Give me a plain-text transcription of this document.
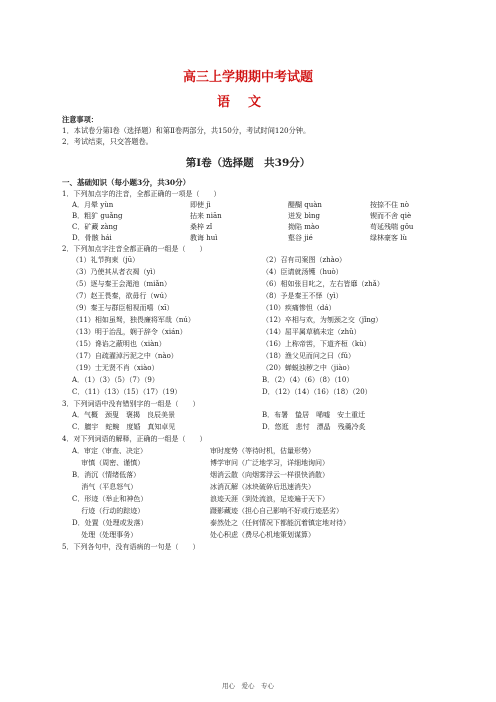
高三上学期期中考试题
语文
注意事项：
1．本试卷分第Ⅰ卷（选择题）和第Ⅱ卷两部分，共150分，考试时间120分钟。
2．考试结束，只交答题卷。
第Ⅰ卷（选择题　共39分）
一、基础知识（每小题3分，共30分）
1．下列加点字的注音，全都正确的一项是（　　）
A．月晕 yùn	即使 jì	醍醐 quàn	按捺不住 nò
B．粗犷 guǎng	拈来 niān	迸发 bìng	锲而不舍 qiè
C．矿藏 zàng	桑梓 zǐ	拗陷 mào	苟延残喘 gǒu
D．骨骸 hái	教诲 huì	壑谷 jié	绿林豪客 lù
2．下列加点字注音全都正确的一组是（　　）
（1）礼节拘束（jū）	（2）召有司案图（zhào）
（3）乃使其从者衣褐（yì）	（4）臣请就汤镬（huò）
（5）逐与秦王会渑池（miǎn）	（6）相如张目叱之，左右皆靡（zhǎ）
（7）赵王畏秦，欲毋行（wú）	（8）予是秦王不怿（yì）
（9）秦王与群臣相视而嘻（xī）	（10）疾痛惨怛（dá）
（11）相如虽驽，独畏廉将军哉（nú）	（12）卒相与欢，为刎颈之交（jǐng）
（13）明于治乱，娴于辞令（xián）	（14）屈平属草稿未定（zhǔ）
（15）谗谄之蔽明也（xiàn）	（16）上称帝喾，下道齐桓（kù）
（17）自疏濯淖污泥之中（nào）	（18）渔父见而问之曰（fǔ）
（19）士无贤不肖（xiào）	（20）蝉蜕浊秽之中（jiào）
A．（1）（3）（5）（7）（9）	B．（2）（4）（6）（8）（10）
C．（11）（13）（15）（17）（19）	D．（12）（14）（16）（18）（20）
3．下列词语中没有错别字的一组是（　　）
A．气概　颈叟　褒揭　良辰美景	B．布署　蛰居　唏嘘　安土重迁
C．膻宇　蛇蜿　度婚　真知卓见	D．悠逛　悲忖　漂晶　残羹冷炙
4．对下列词语的解释，正确的一组是（　　）
A．审定（审查、决定）	审时度势（等待时机，估量形势）
　 审慎（周密、谨慎）	博学审问（广泛地学习，详细地询问）
B．消沉（情绪低落）	烟消云散（向烟雾浮云一样很快消散）
　 消气（平息怒气）	冰消瓦解（冰块破碎后迅速消失）
C．形迹（举止和神色）	浪迹天涯（到处流浪，足迹遍于天下）
　 行迹（行动的踪迹）	蹑影藏迹（担心自己影响不好或行迹恶劣）
D．处置（处理或发落）	泰然处之（任何情况下都能沉着镇定地对待）
　 处理（处理事务）	处心积虑（费尽心机地策划谋算）
5．下列各句中，没有语病的一句是（　　）
用心　爱心　专心
